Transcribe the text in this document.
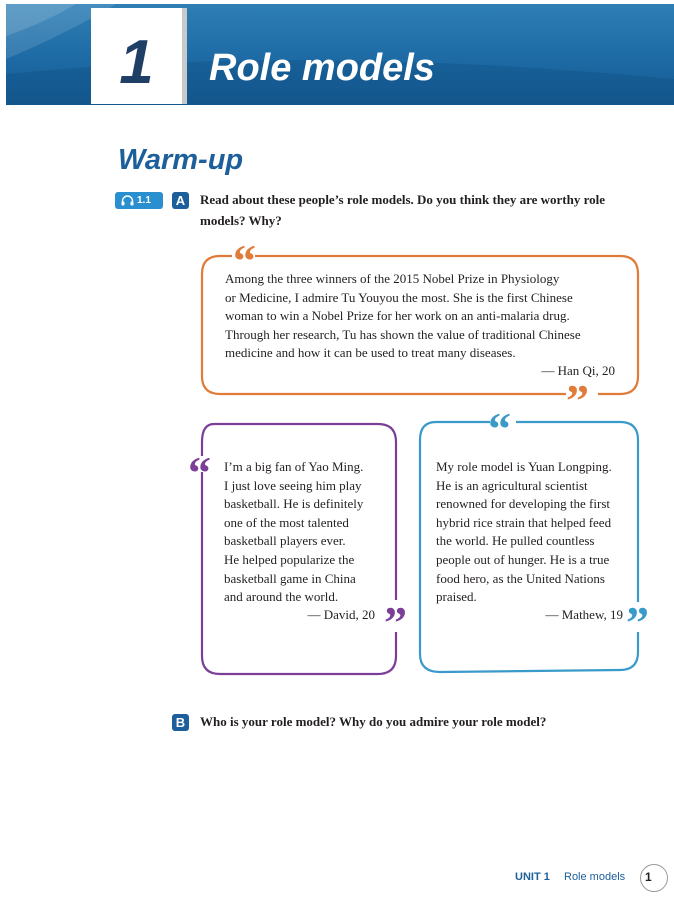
1	Role models
Warm-up
1.1 A Read about these people’s role models. Do you think they are worthy role
models? Why?
“
”
“
”
“
”

Among the three winners of the 2015 Nobel Prize in Physiology

or Medicine, I admire Tu Youyou the most. She is the first Chinese

woman to win a Nobel Prize for her work on an anti-malaria drug.

Through her research, Tu has shown the value of traditional Chinese

medicine and how it can be used to treat many diseases.

— Han Qi, 20

I’m a big fan of Yao Ming.

I just love seeing him play

basketball. He is definitely

one of the most talented

basketball players ever.

He helped popularize the

basketball game in China

and around the world.

— David, 20

My role model is Yuan Longping.

He is an agricultural scientist

renowned for developing the first

hybrid rice strain that helped feed

the world. He pulled countless

people out of hunger. He is a true

food hero, as the United Nations

praised.

— Mathew, 19
B Who is your role model? Why do you admire your role model?
UNIT 1 Role models 1
